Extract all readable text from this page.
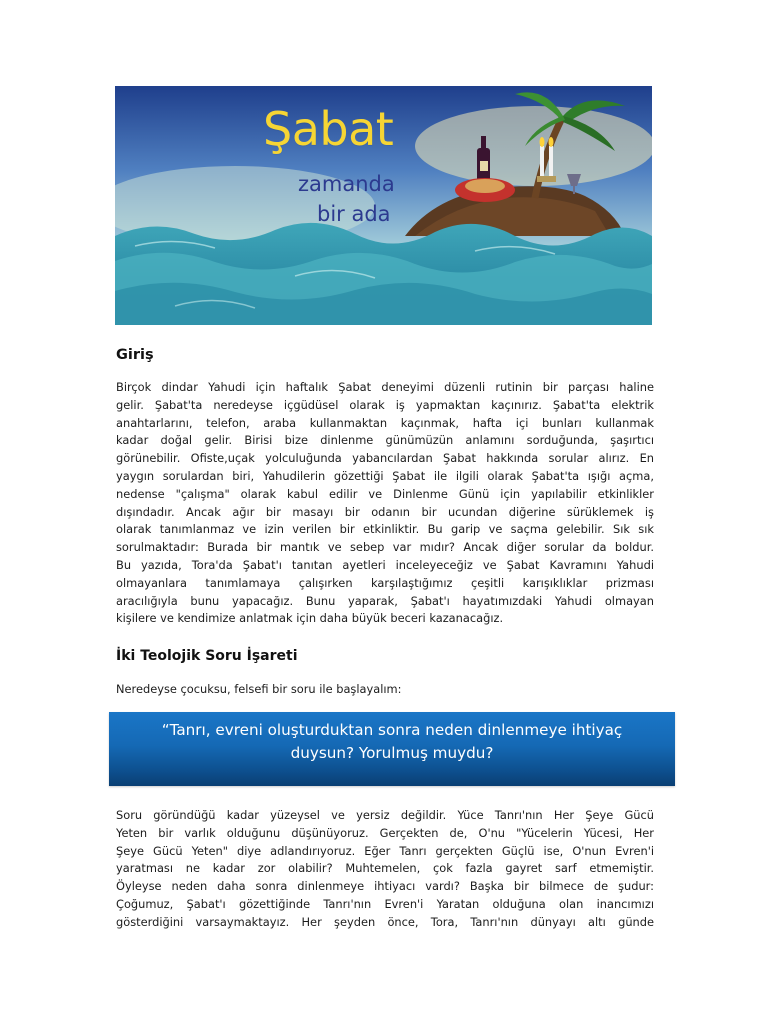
Şabat
zamanda
bir ada
Giriş

Birçok dindar Yahudi için haftalık Şabat deneyimi düzenli rutinin bir parçası haline
gelir. Şabat'ta neredeyse içgüdüsel olarak iş yapmaktan kaçınırız. Şabat'ta elektrik
anahtarlarını, telefon, araba kullanmaktan kaçınmak, hafta içi bunları kullanmak
kadar doğal gelir. Birisi bize dinlenme günümüzün anlamını sorduğunda, şaşırtıcı
görünebilir. Ofiste,uçak yolculuğunda yabancılardan Şabat hakkında sorular alırız. En
yaygın sorulardan biri, Yahudilerin gözettiği Şabat ile ilgili olarak Şabat'ta ışığı açma,
nedense "çalışma" olarak kabul edilir ve Dinlenme Günü için yapılabilir etkinlikler
dışındadır. Ancak ağır bir masayı bir odanın bir ucundan diğerine sürüklemek iş
olarak tanımlanmaz ve izin verilen bir etkinliktir. Bu garip ve saçma gelebilir. Sık sık
sorulmaktadır: Burada bir mantık ve sebep var mıdır? Ancak diğer sorular da boldur.
Bu yazıda, Tora'da Şabat'ı tanıtan ayetleri inceleyeceğiz ve Şabat Kavramını Yahudi
olmayanlara tanımlamaya çalışırken karşılaştığımız çeşitli karışıklıklar prizması
aracılığıyla bunu yapacağız. Bunu yaparak, Şabat'ı hayatımızdaki Yahudi olmayan
kişilere ve kendimize anlatmak için daha büyük beceri kazanacağız.

İki Teolojik Soru İşareti

Neredeyse çocuksu, felsefi bir soru ile başlayalım:

“Tanrı, evreni oluşturduktan sonra neden dinlenmeye ihtiyaç
duysun? Yorulmuş muydu?

Soru göründüğü kadar yüzeysel ve yersiz değildir. Yüce Tanrı'nın Her Şeye Gücü
Yeten bir varlık olduğunu düşünüyoruz. Gerçekten de, O'nu "Yücelerin Yücesi, Her
Şeye Gücü Yeten" diye adlandırıyoruz. Eğer Tanrı gerçekten Güçlü ise, O'nun Evren'i
yaratması ne kadar zor olabilir? Muhtemelen, çok fazla gayret sarf etmemiştir.
Öyleyse neden daha sonra dinlenmeye ihtiyacı vardı? Başka bir bilmece de şudur:
Çoğumuz, Şabat'ı gözettiğinde Tanrı'nın Evren'i Yaratan olduğuna olan inancımızı
gösterdiğini varsaymaktayız. Her şeyden önce, Tora, Tanrı'nın dünyayı altı günde
